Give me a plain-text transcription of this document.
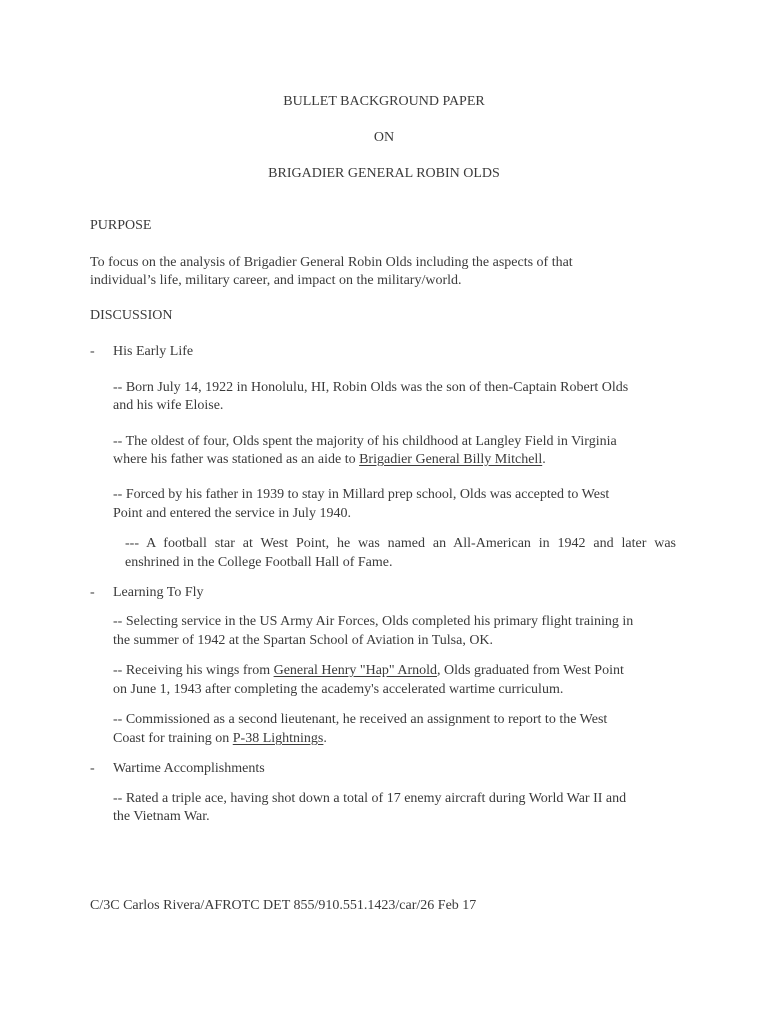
BULLET BACKGROUND PAPER
ON
BRIGADIER GENERAL ROBIN OLDS
PURPOSE
To focus on the analysis of Brigadier General Robin Olds including the aspects of that
individual’s life, military career, and impact on the military/world.
DISCUSSION
- His Early Life
-- Born July 14, 1922 in Honolulu, HI, Robin Olds was the son of then-Captain Robert Olds
and his wife Eloise.
-- The oldest of four, Olds spent the majority of his childhood at Langley Field in Virginia
where his father was stationed as an aide to Brigadier General Billy Mitchell.
-- Forced by his father in 1939 to stay in Millard prep school, Olds was accepted to West
Point and entered the service in July 1940.
--- A football star at West Point, he was named an All-American in 1942 and later was
enshrined in the College Football Hall of Fame.
- Learning To Fly
-- Selecting service in the US Army Air Forces, Olds completed his primary flight training in
the summer of 1942 at the Spartan School of Aviation in Tulsa, OK.
-- Receiving his wings from General Henry "Hap" Arnold, Olds graduated from West Point
on June 1, 1943 after completing the academy's accelerated wartime curriculum.
-- Commissioned as a second lieutenant, he received an assignment to report to the West
Coast for training on P-38 Lightnings.
- Wartime Accomplishments
-- Rated a triple ace, having shot down a total of 17 enemy aircraft during World War II and
the Vietnam War.
C/3C Carlos Rivera/AFROTC DET 855/910.551.1423/car/26 Feb 17
